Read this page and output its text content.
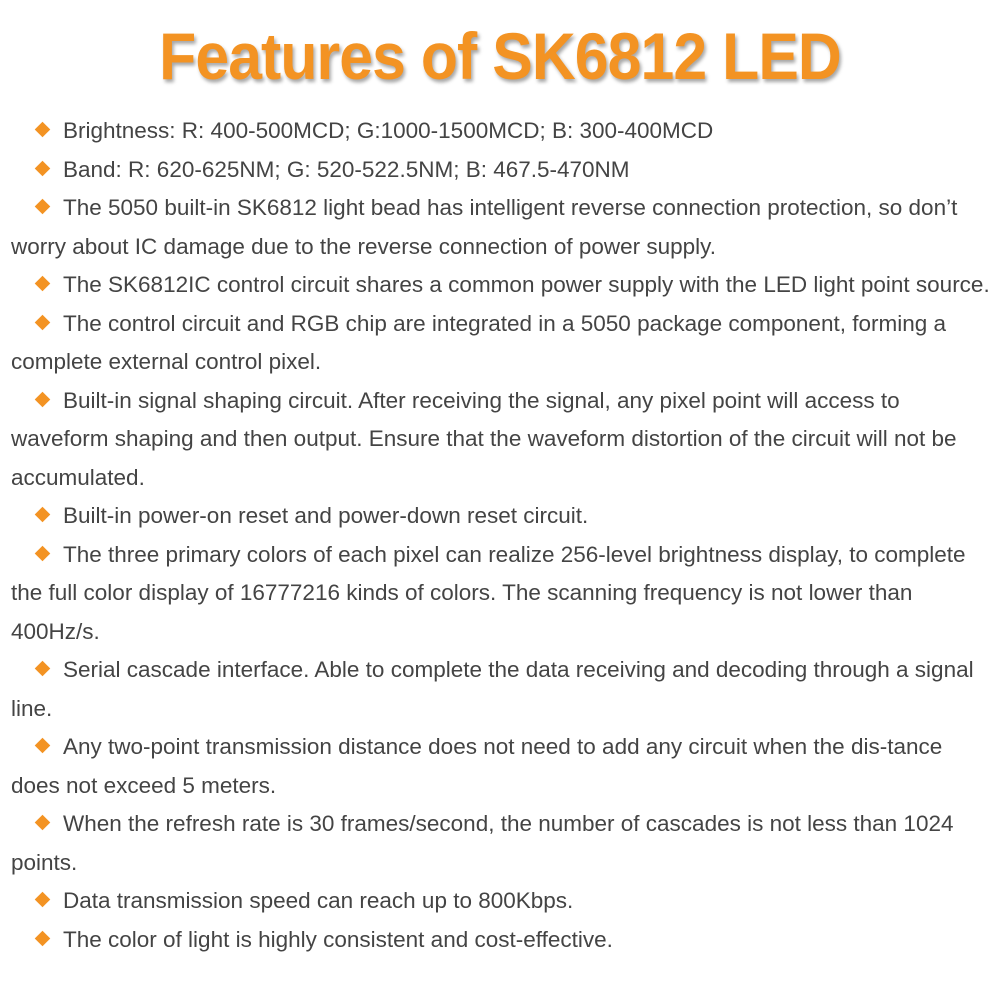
Features of SK6812 LED

Brightness: R: 400-500MCD; G:1000-1500MCD; B: 300-400MCD

Band: R: 620-625NM; G: 520-522.5NM; B: 467.5-470NM

The 5050 built-in SK6812 light bead has intelligent reverse connection protection, so don’t worry about IC damage due to the reverse connection of power supply.

The SK6812IC control circuit shares a common power supply with the LED light point source.

The control circuit and RGB chip are integrated in a 5050 package component, forming a complete external control pixel.

Built-in signal shaping circuit. After receiving the signal, any pixel point will access to waveform shaping and then output. Ensure that the waveform distortion of the circuit will not be accumulated.

Built-in power-on reset and power-down reset circuit.

The three primary colors of each pixel can realize 256-level brightness display, to complete the full color display of 16777216 kinds of colors. The scanning frequency is not lower than 400Hz/s.

Serial cascade interface. Able to complete the data receiving and decoding through a signal line.

Any two-point transmission distance does not need to add any circuit when the dis-tance does not exceed 5 meters.

When the refresh rate is 30 frames/second, the number of cascades is not less than 1024 points.

Data transmission speed can reach up to 800Kbps.

The color of light is highly consistent and cost-effective.
